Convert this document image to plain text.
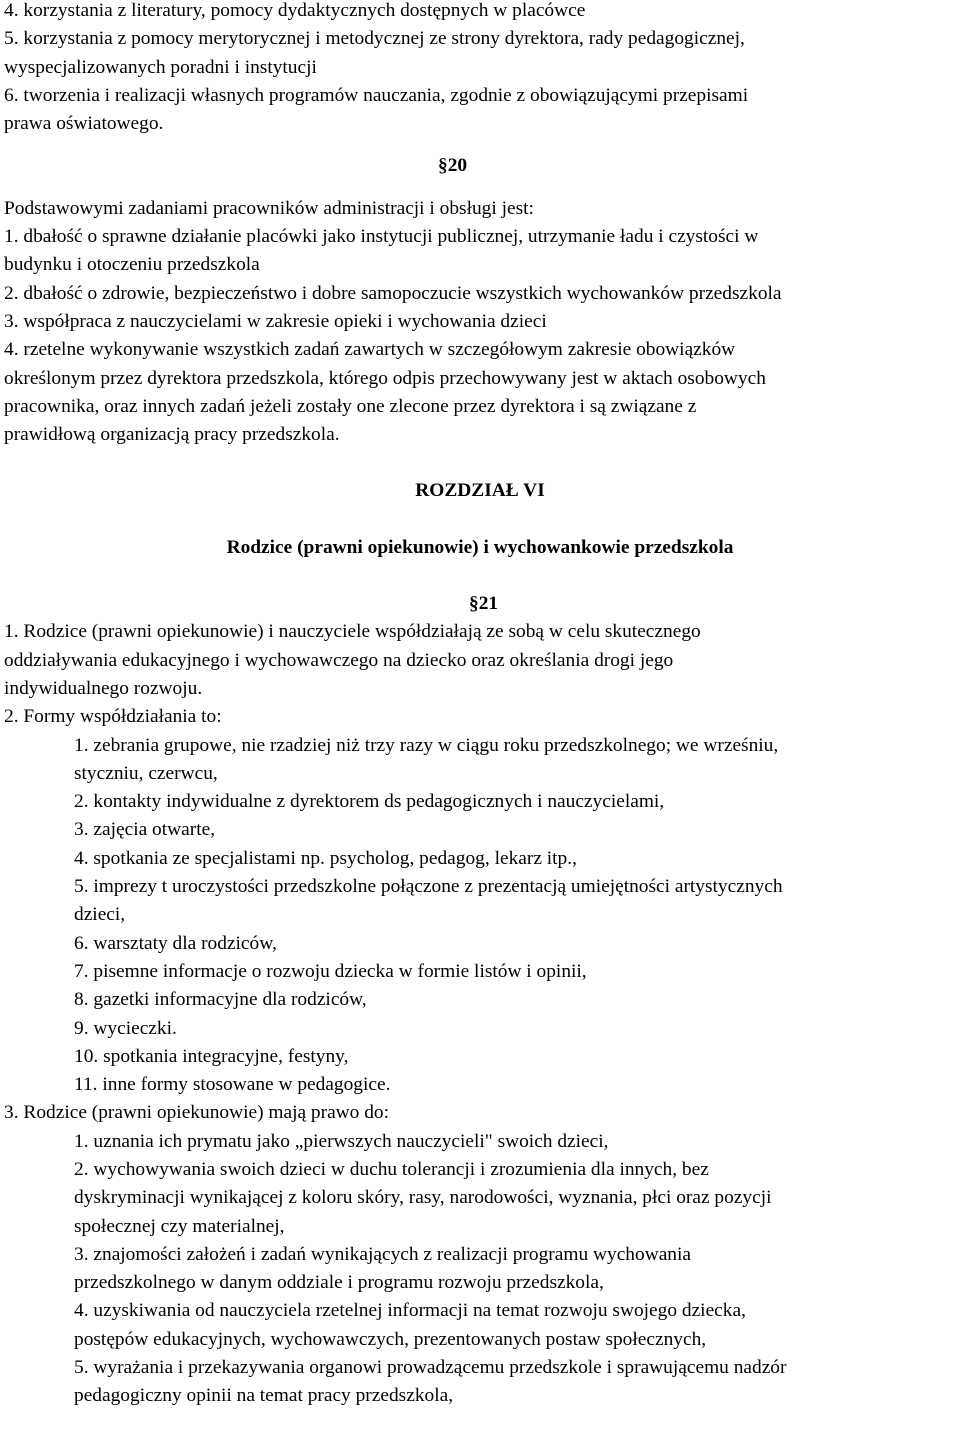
4. korzystania z literatury, pomocy dydaktycznych dostępnych w placówce
5. korzystania z pomocy merytorycznej i metodycznej ze strony dyrektora, rady pedagogicznej,
wyspecjalizowanych poradni i instytucji
6. tworzenia i realizacji własnych programów nauczania, zgodnie z obowiązującymi przepisami
prawa oświatowego.
§20
Podstawowymi zadaniami pracowników administracji i obsługi jest:
1. dbałość o sprawne działanie placówki jako instytucji publicznej, utrzymanie ładu i czystości w
budynku i otoczeniu przedszkola
2. dbałość o zdrowie, bezpieczeństwo i dobre samopoczucie wszystkich wychowanków przedszkola
3. współpraca z nauczycielami w zakresie opieki i wychowania dzieci
4. rzetelne wykonywanie wszystkich zadań zawartych w szczegółowym zakresie obowiązków
określonym przez dyrektora przedszkola, którego odpis przechowywany jest w aktach osobowych
pracownika, oraz innych zadań jeżeli zostały one zlecone przez dyrektora i są związane z
prawidłową organizacją pracy przedszkola.
ROZDZIAŁ VI
Rodzice (prawni opiekunowie) i wychowankowie przedszkola
§21
1. Rodzice (prawni opiekunowie) i nauczyciele współdziałają ze sobą w celu skutecznego
oddziaływania edukacyjnego i wychowawczego na dziecko oraz określania drogi jego
indywidualnego rozwoju.
2. Formy współdziałania to:
1. zebrania grupowe, nie rzadziej niż trzy razy w ciągu roku przedszkolnego; we wrześniu,
styczniu, czerwcu,
2. kontakty indywidualne z dyrektorem ds pedagogicznych i nauczycielami,
3. zajęcia otwarte,
4. spotkania ze specjalistami np. psycholog, pedagog, lekarz itp.,
5. imprezy t uroczystości przedszkolne połączone z prezentacją umiejętności artystycznych
dzieci,
6. warsztaty dla rodziców,
7. pisemne informacje o rozwoju dziecka w formie listów i opinii,
8. gazetki informacyjne dla rodziców,
9. wycieczki.
10. spotkania integracyjne, festyny,
11. inne formy stosowane w pedagogice.
3. Rodzice (prawni opiekunowie) mają prawo do:
1. uznania ich prymatu jako „pierwszych nauczycieli" swoich dzieci,
2. wychowywania swoich dzieci w duchu tolerancji i zrozumienia dla innych, bez
dyskryminacji wynikającej z koloru skóry, rasy, narodowości, wyznania, płci oraz pozycji
społecznej czy materialnej,
3. znajomości założeń i zadań wynikających z realizacji programu wychowania
przedszkolnego w danym oddziale i programu rozwoju przedszkola,
4. uzyskiwania od nauczyciela rzetelnej informacji na temat rozwoju swojego dziecka,
postępów edukacyjnych, wychowawczych, prezentowanych postaw społecznych,
5. wyrażania i przekazywania organowi prowadzącemu przedszkole i sprawującemu nadzór
pedagogiczny opinii na temat pracy przedszkola,
